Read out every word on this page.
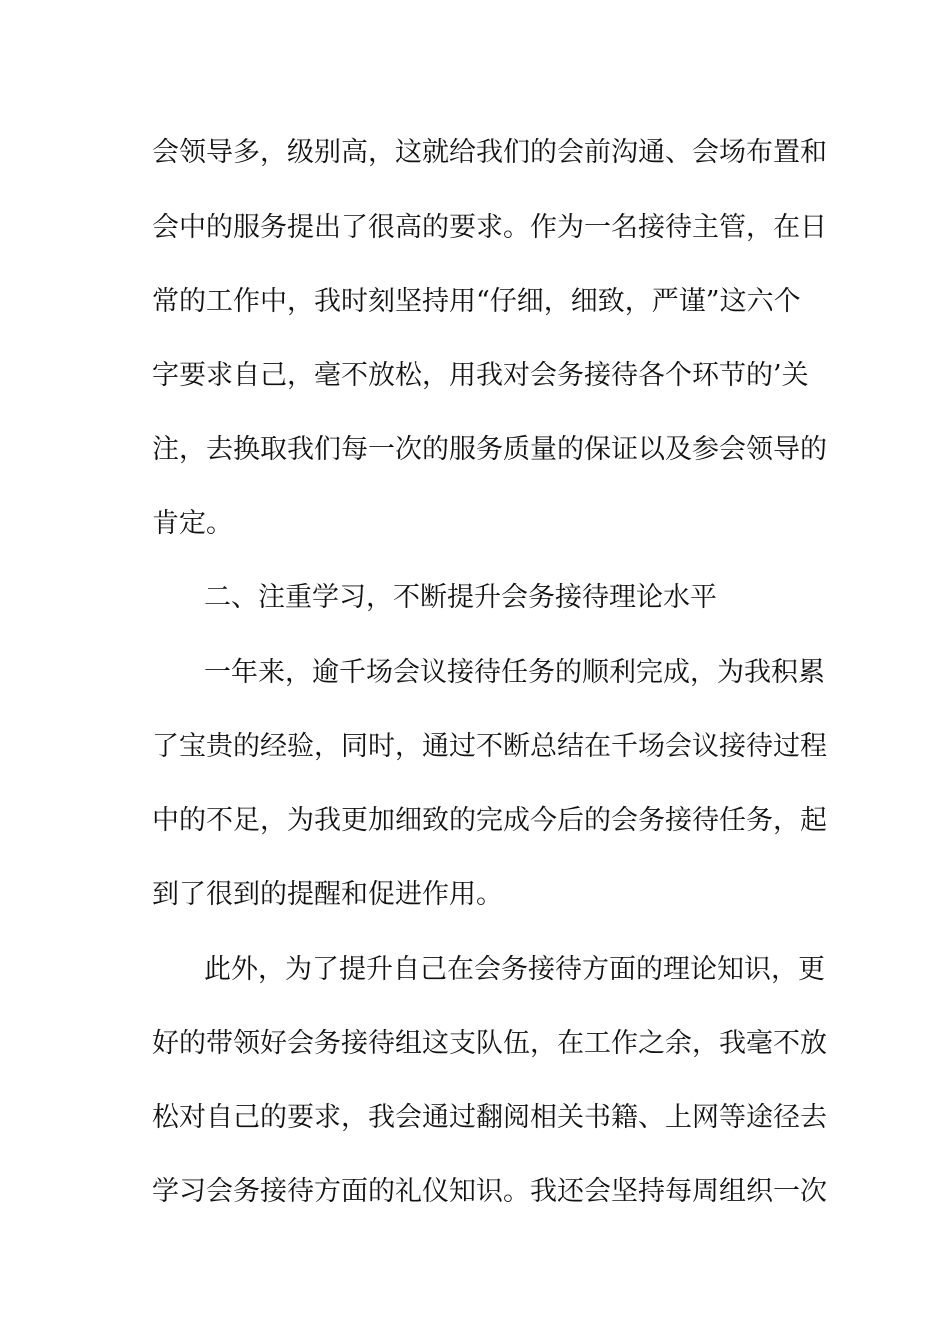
会领导多，级别高，这就给我们的会前沟通、会场布置和
会中的服务提出了很高的要求。作为一名接待主管，在日
常的工作中，我时刻坚持用“仔细，细致，严谨”这六个
字要求自己，毫不放松，用我对会务接待各个环节的’关
注，去换取我们每一次的服务质量的保证以及参会领导的
肯定。
二、注重学习，不断提升会务接待理论水平
一年来，逾千场会议接待任务的顺利完成，为我积累
了宝贵的经验，同时，通过不断总结在千场会议接待过程
中的不足，为我更加细致的完成今后的会务接待任务，起
到了很到的提醒和促进作用。
此外，为了提升自己在会务接待方面的理论知识，更
好的带领好会务接待组这支队伍，在工作之余，我毫不放
松对自己的要求，我会通过翻阅相关书籍、上网等途径去
学习会务接待方面的礼仪知识。我还会坚持每周组织一次
